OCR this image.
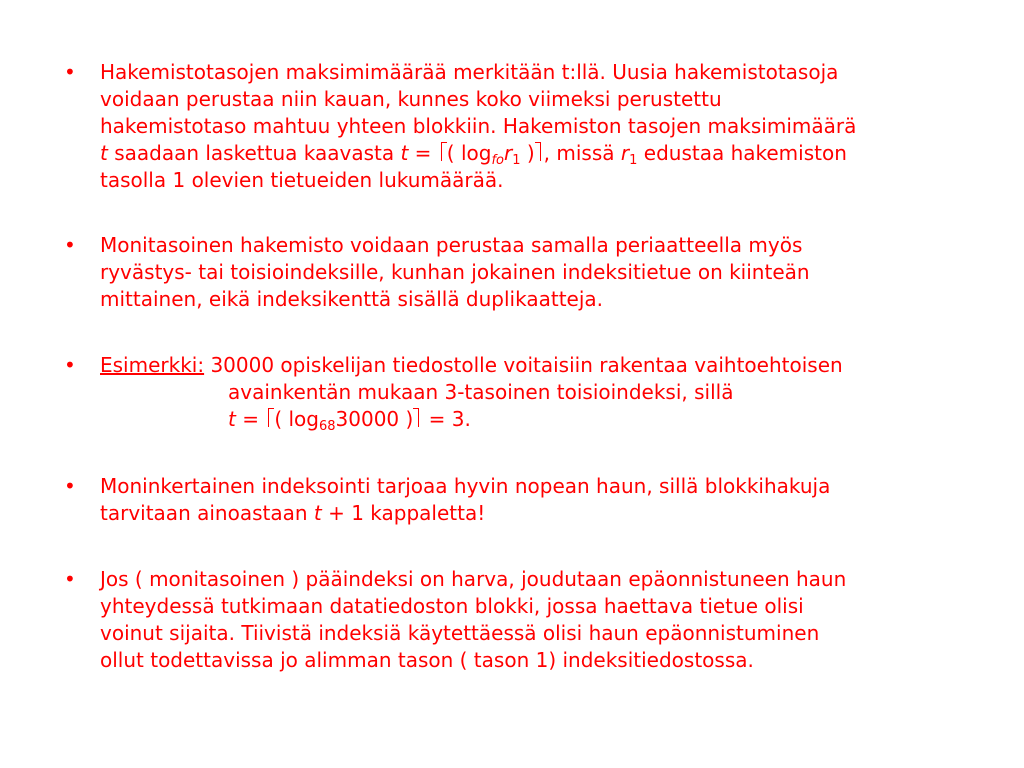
• Hakemistotasojen maksimimäärää merkitään t:llä. Uusia hakemistotasoja
voidaan perustaa niin kauan, kunnes koko viimeksi perustettu
hakemistotaso mahtuu yhteen blokkiin. Hakemiston tasojen maksimimäärä
t saadaan laskettua kaavasta t = ( $\log_{fo}r_1$ ) , missä $r_1$ edustaa hakemiston
tasolla 1 olevien tietueiden lukumäärää.
• Monitasoinen hakemisto voidaan perustaa samalla periaatteella myös
ryvästys- tai toisioindeksille, kunhan jokainen indeksitietue on kiinteän
mittainen, eikä indeksikenttä sisällä duplikaatteja.
• Esimerkki: 30000 opiskelijan tiedostolle voitaisiin rakentaa vaihtoehtoisen
avainkentän mukaan 3-tasoinen toisioindeksi, sillä
t = ( $\log_{68}30000$ ) = 3.
• Moninkertainen indeksointi tarjoaa hyvin nopean haun, sillä blokkihakuja
tarvitaan ainoastaan t + 1 kappaletta!
• Jos ( monitasoinen ) pääindeksi on harva, joudutaan epäonnistuneen haun
yhteydessä tutkimaan datatiedoston blokki, jossa haettava tietue olisi
voinut sijaita. Tiivistä indeksiä käytettäessä olisi haun epäonnistuminen
ollut todettavissa jo alimman tason ( tason 1) indeksitiedostossa.
